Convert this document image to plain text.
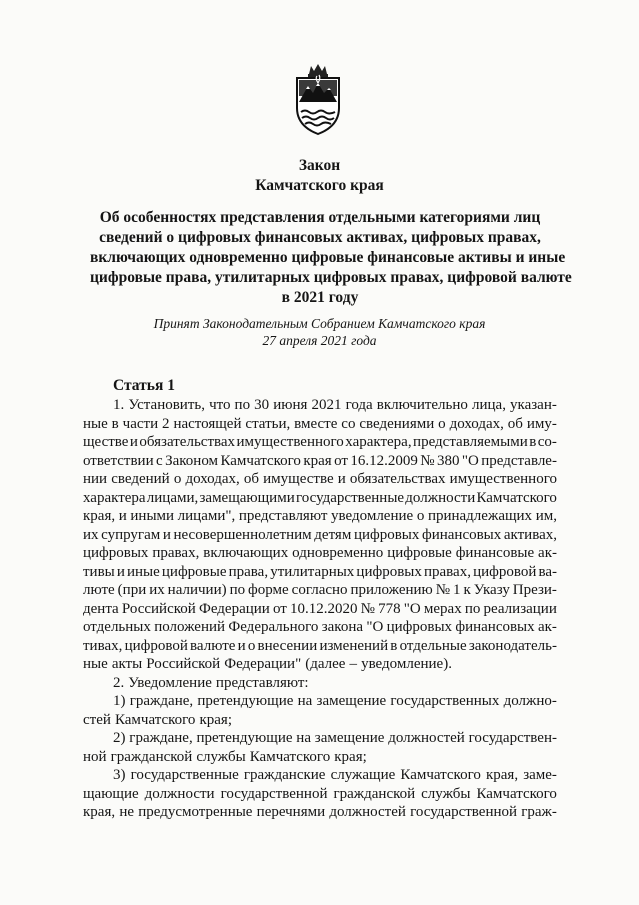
Закон
Камчатского края
Об особенностях представления отдельными категориями лиц
сведений о цифровых финансовых активах, цифровых правах,
включающих одновременно цифровые финансовые активы и иные
цифровые права, утилитарных цифровых правах, цифровой валюте
в 2021 году
Принят Законодательным Собранием Камчатского края
27 апреля 2021 года
Статья 1
1. Установить, что по 30 июня 2021 года включительно лица, указан-
ные в части 2 настоящей статьи, вместе со сведениями о доходах, об иму-
ществе и обязательствах имущественного характера, представляемыми в со-
ответствии с Законом Камчатского края от 16.12.2009 № 380 "О представле-
нии сведений о доходах, об имуществе и обязательствах имущественного
характера лицами, замещающими государственные должности Камчатского
края, и иными лицами", представляют уведомление о принадлежащих им,
их супругам и несовершеннолетним детям цифровых финансовых активах,
цифровых правах, включающих одновременно цифровые финансовые ак-
тивы и иные цифровые права, утилитарных цифровых правах, цифровой ва-
люте (при их наличии) по форме согласно приложению № 1 к Указу Прези-
дента Российской Федерации от 10.12.2020 № 778 "О мерах по реализации
отдельных положений Федерального закона "О цифровых финансовых ак-
тивах, цифровой валюте и о внесении изменений в отдельные законодатель-
ные акты Российской Федерации" (далее – уведомление).
2. Уведомление представляют:
1) граждане, претендующие на замещение государственных должно-
стей Камчатского края;
2) граждане, претендующие на замещение должностей государствен-
ной гражданской службы Камчатского края;
3) государственные гражданские служащие Камчатского края, заме-
щающие должности государственной гражданской службы Камчатского
края, не предусмотренные перечнями должностей государственной граж-
